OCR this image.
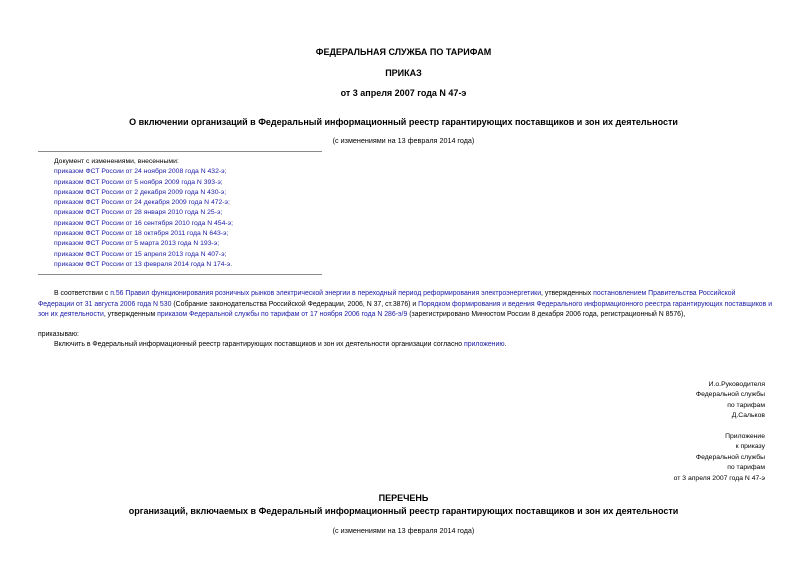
ФЕДЕРАЛЬНАЯ СЛУЖБА ПО ТАРИФАМ
ПРИКАЗ
от 3 апреля 2007 года N 47-э
О включении организаций в Федеральный информационный реестр гарантирующих поставщиков и зон их деятельности
(с изменениями на 13 февраля 2014 года)
Документ с изменениями, внесенными:
приказом ФСТ России от 24 ноября 2008 года N 432-э;
приказом ФСТ России от 5 ноября 2009 года N 393-э;
приказом ФСТ России от 2 декабря 2009 года N 430-э;
приказом ФСТ России от 24 декабря 2009 года N 472-э;
приказом ФСТ России от 28 января 2010 года N 25-э;
приказом ФСТ России от 16 сентября 2010 года N 454-э;
приказом ФСТ России от 18 октября 2011 года N 643-э;
приказом ФСТ России от 5 марта 2013 года N 193-э;
приказом ФСТ России от 15 апреля 2013 года N 407-э;
приказом ФСТ России от 13 февраля 2014 года N 174-э.
В соответствии с п.56 Правил функционирования розничных рынков электрической энергии в переходный период реформирования электроэнергетики, утвержденных постановлением Правительства Российской Федерации от 31 августа 2006 года N 530 (Собрание законодательства Российской Федерации, 2006, N 37, ст.3876) и Порядком формирования и ведения Федерального информационного реестра гарантирующих поставщиков и зон их деятельности, утвержденным приказом Федеральной службы по тарифам от 17 ноября 2006 года N 286-э/9 (зарегистрировано Минюстом России 8 декабря 2006 года, регистрационный N 8576),
приказываю:
Включить в Федеральный информационный реестр гарантирующих поставщиков и зон их деятельности организации согласно приложению.
И.о.Руководителя
Федеральной службы
по тарифам
Д.Сальков
Приложение
к приказу
Федеральной службы
по тарифам
от 3 апреля 2007 года N 47-э
ПЕРЕЧЕНЬ
организаций, включаемых в Федеральный информационный реестр гарантирующих поставщиков и зон их деятельности
(с изменениями на 13 февраля 2014 года)
